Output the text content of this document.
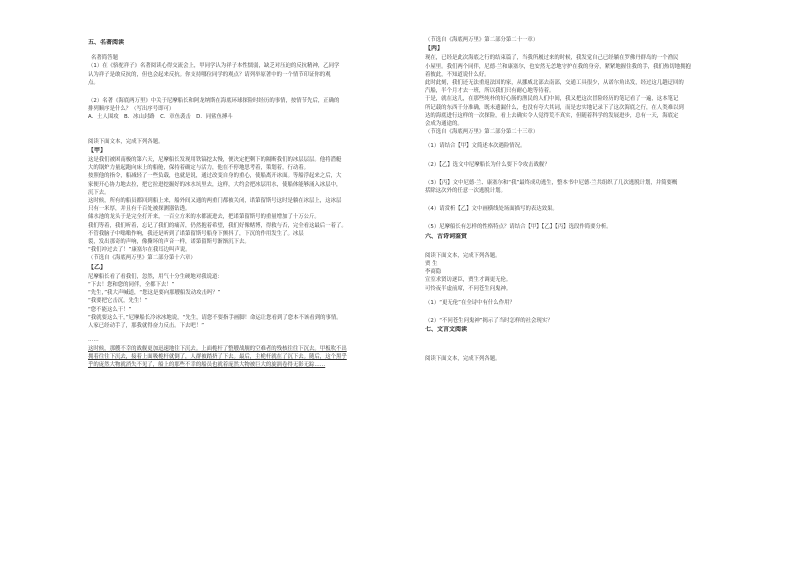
五、名著阅读

名著简答题

（1）在《骆驼祥子》名著阅读心得交流会上，甲同学认为祥子本性懦弱，缺乏对压迫的反抗精神，乙同学

认为祥子是敢反抗的，但也会起来反抗。你支持哪位同学的观点？请列举原著中的一个情节印证你的观

点。

（2）名著《海底两万里》中关于尼摩船长和阿龙纳斯在海底环球探险时经历的事情，按情节先后，正确的

排列顺序是什么？（写出序号即可）

A．土人围攻　B．冰山封路　C．章鱼袭击　D．同鲨鱼搏斗

阅读下面文本，完成下列各题。

【甲】

这是我们被困南极的第六天，尼摩船长发现用铁镐挖太慢，便决定把剩下的隔断我们的冰层层层。他将潜艇

大的锅炉力量起跑向床上的船舱，保持着确定与活力，他在不停地思考着，策划着，行动着。

按照他的指令，船减轻了一些负载，也就是说，通过改变自身的重心，使船离开冰面。等船浮起来之后，大

家便开心协力地去拉，把它拉进挖掘好的冰水坑里去，这样，大约会把冰层用水，使船体能够涌入冰层中，

沉下去。

这时候，所有的船员都回到船上来，船外间又通的两重门都被关闭，诺第留斯号这时是躺在冰层上，这冰层

只有一米厚，并且有千百处被探测器钻透。

储水池的龙头于是完全打开来，一百立方米的水都流进去，把诺第留斯号的重量增加了十万公斤。

我们等着，我们听着，忘记了我们的痛苦，仍然抱着希望，我们好像赌博，得救与否，完全看这最后一着了。

不管我脑子中嗡嗡作响，我还是听到了诺第留斯号船身下颤抖了，下沉的作用发生了。冰层

裂，发出那奇的声响，像撕坏的声音一样，诺第留斯号渐渐沉下去。

“我们冲过去了！”康塞尔在我耳边叫声说。

（节选自《海底两万里》第二部分第十六章）

【乙】

尼摩船长看了看我们，忽然，用气十分生硬地对我说道：

“下去！您和您的同伴，全都下去！”

“先生，”我大声喊道，“您这是要向那艘船发动攻击吗？”

“我要把它击沉，先生！”

“您不能这么干！”

“我就要这么干，”尼摩船长冷冰冰地说，“先生，请您不要指手画脚！命运让您看到了您本不该看到的事情。

人家已经动手了，那我就得奋力反击。下去吧！”

……

这时候，那艘不幸的战舰更加迅速地往下沉去。上面桅杆了整艘战舰的空难者的残核往往下沉去。甲板吹不出

拥着往往下沉去，接着上面吸桅杆就倒了，人群被踏挤了下去。最后，主桅杆就在了沉下去。随后，这个黑乎

乎的庞然大物就消失不见了，船上的那些不幸的船员也就着庞然大物被巨大的旋涡卷得无影无踪……

（节选自《海底两万里》第二部分第二十一章）

【丙】

现在，已经是此次海底之行的结束篇了，当我所履过来的时候，我发觉自己已经躺在罗佛丹群岛的一个渔民

小屋里。我们两个同伴，尼德·兰和康塞尔，也安然无恙地守护在我的身旁，紧紧地握住我的手，我们热切地拥抱

着彼此，不知道说什么好。

此时此刻，我们还无法重返法国的家，从挪威北部去南部，交通工具很少，从诺尔角出发，经过这几趟迂回的

汽船，半个月才去一班，所以我们只有耐心地等待着。

于是，就在这儿，在那些纯朴的好心肠的渔民的人们中间，我又把这次冒险经历的笔记看了一遍，这本笔记

所记载的东西千分准确，既未遗漏什么，也没有夸大其词，而是忠实地记录下了这次海底之行，在人类难以到

达的海底进行这样的一次探险，看上去确实令人觉得荒不真实，但随着科学的发展进步，总有一天，海底定

会成为通途的。

（节选自《海底两万里》第二部分第二十三章）

（1）请结合【甲】文简述本次遇险情况。

（2）【乙】选文中尼摩船长为什么要下令攻击战舰？

（3）【丙】文中尼德·兰、康塞尔和“我”最终成功逃生，整本书中尼德·兰共组织了几次逃脱计划，并简要概

括除这次外的任意一次逃脱计划。

（4）请赏析【乙】文中画横线处场面描写的表达效果。

（5）尼摩船长有怎样的性格特点？请结合【甲】【乙】【丙】选段作简要分析。

六、古诗词鉴赏

阅读下面文本，完成下列各题。

贾 生

李商隐

宣室求贤访逐臣，贾生才调更无伦。

可怜夜半虚前席，不问苍生问鬼神。

（1）“更无伦”在全诗中有什么作用？

（2）“不问苍生问鬼神”揭示了当时怎样的社会现实？

七、文言文阅读

阅读下面文本，完成下列各题。
